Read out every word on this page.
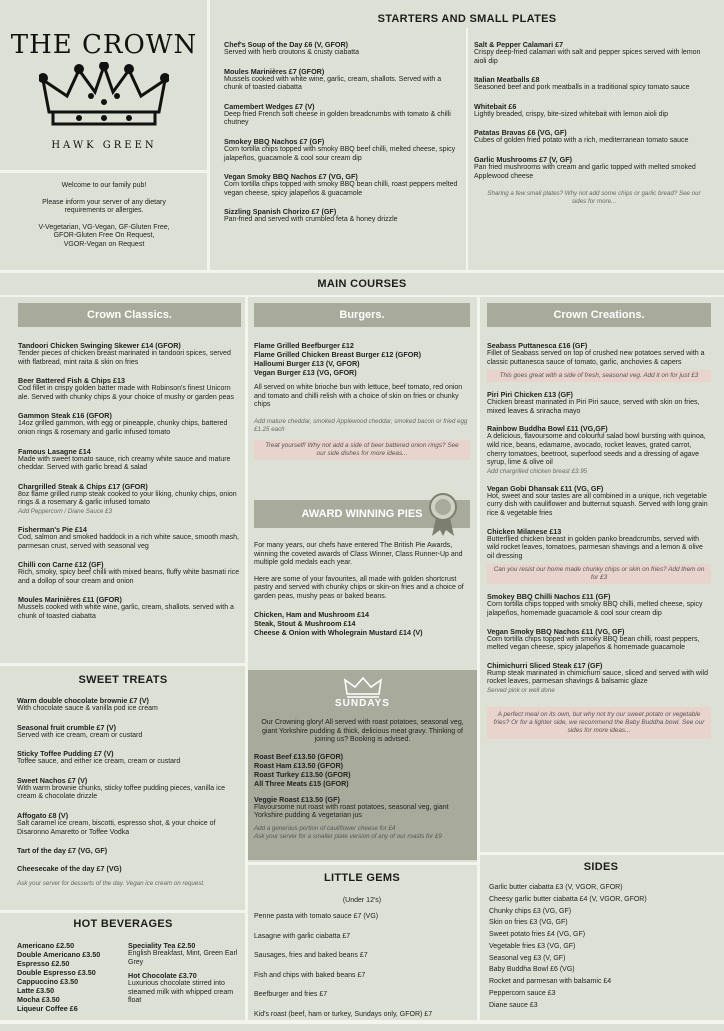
THE CROWN
HAWK GREEN
Welcome to our family pub!
Please inform your server of any dietary requirements or allergies.
V-Vegetarian, VG-Vegan, GF-Gluten Free,
GFOR-Gluten Free On Request,
VGOR-Vegan on Request
STARTERS AND SMALL PLATES
Chef's Soup of the Day £6 (V, GFOR)
Served with herb croutons & crusty ciabatta
Moules Marinières £7 (GFOR)
Mussels cooked with white wine, garlic, cream, shallots. Served with a chunk of toasted ciabatta
Camembert Wedges £7 (V)
Deep fried French soft cheese in golden breadcrumbs with tomato & chilli chutney
Smokey BBQ Nachos £7 (GF)
Corn tortilla chips topped with smoky BBQ beef chilli, melted cheese, spicy jalapeños, guacamole & cool sour cream dip
Vegan Smoky BBQ Nachos £7 (VG, GF)
Corn tortilla chips topped with smoky BBQ bean chilli, roast peppers melted vegan cheese, spicy jalapeños & guacamole
Sizzling Spanish Chorizo £7 (GF)
Pan-fried and served with crumbled feta & honey drizzle
Salt & Pepper Calamari £7
Crispy deep-fried calamari with salt and pepper spices served with lemon aioli dip
Italian Meatballs £8
Seasoned beef and pork meatballs in a traditional spicy tomato sauce
Whitebait £6
Lightly breaded, crispy, bite-sized whitebait with lemon aioli dip
Patatas Bravas £6 (VG, GF)
Cubes of golden fried potato with a rich, mediterranean tomato sauce
Garlic Mushrooms £7 (V, GF)
Pan fried mushrooms with cream and garlic topped with melted smoked Applewood cheese
Sharing a few small plates? Why not add some chips or garlic bread? See our sides for more...
MAIN COURSES
Crown Classics.
Tandoori Chicken Swinging Skewer £14 (GFOR)
Tender pieces of chicken breast marinated in tandoori spices, served with flatbread, mint raita & skin on fries
Beer Battered Fish & Chips £13
Cod fillet in crispy golden batter made with Robinson's finest Unicorn ale. Served with chunky chips & your choice of mushy or garden peas
Gammon Steak £16 (GFOR)
14oz grilled gammon, with egg or pineapple, chunky chips, battered onion rings & rosemary and garlic infused tomato
Famous Lasagne £14
Made with sweet tomato sauce, rich creamy white sauce and mature cheddar. Served with garlic bread & salad
Chargrilled Steak & Chips £17 (GFOR)
8oz flame grilled rump steak cooked to your liking, chunky chips, onion rings & a rosemary & garlic infused tomato
Add Peppercorn / Diane Sauce £3
Fisherman's Pie £14
Cod, salmon and smoked haddock in a rich white sauce, smooth mash, parmesan crust, served with seasonal veg
Chilli con Carne £12 (GF)
Rich, smoky, spicy beef chilli with mixed beans, fluffy white basmati rice and a dollop of sour cream and onion
Moules Marinières £11 (GFOR)
Mussels cooked with white wine, garlic, cream, shallots. served with a chunk of toasted ciabatta
Burgers.
Flame Grilled Beefburger £12
Flame Grilled Chicken Breast Burger £12 (GFOR)
Halloumi Burger £13 (V, GFOR)
Vegan Burger £13 (VG, GFOR)
All served on white brioche bun with lettuce, beef tomato, red onion and tomato and chilli relish with a choice of skin on fries or chunky chips
Add mature cheddar, smoked Applewood cheddar, smoked bacon or fried egg £1.25 each
Treat yourself! Why not add a side of beer battered onion rings? See our side dishes for more ideas...
AWARD WINNING PIES
For many years, our chefs have entered The British Pie Awards, winning the coveted awards of Class Winner, Class Runner-Up and multiple gold medals each year.
Here are some of your favourites, all made with golden shortcrust pastry and served with chunky chips or skin-on fries and a choice of garden peas, mushy peas or baked beans.
Chicken, Ham and Mushroom £14
Steak, Stout & Mushroom £14
Cheese & Onion with Wholegrain Mustard £14 (V)
SUNDAYS
Our Crowning glory! All served with roast potatoes, seasonal veg, giant Yorkshire pudding & thick, delicious meat gravy. Thinking of joining us? Booking is advised.
Roast Beef £13.50 (GFOR)
Roast Ham £13.50 (GFOR)
Roast Turkey £13.50 (GFOR)
All Three Meats £15 (GFOR)
Veggie Roast £13.50 (GF)
Flavoursome nut roast with roast potatoes, seasonal veg, giant Yorkshire pudding & vegetarian jus
Add a generous portion of cauliflower cheese for £4
Ask your server for a smaller plate version of any of our roasts for £9
Crown Creations.
Seabass Puttanesca £16 (GF)
Fillet of Seabass served on top of crushed new potatoes served with a classic puttanesca sauce of tomato, garlic, anchovies & capers
This goes great with a side of fresh, seasonal veg. Add it on for just £3
Piri Piri Chicken £13 (GF)
Chicken breast marinated in Piri Piri sauce, served with skin on fries, mixed leaves & sriracha mayo
Rainbow Buddha Bowl £11 (VG,GF)
A delicious, flavoursome and colourful salad bowl bursting with quinoa, wild rice, beans, edamame, avocado, rocket leaves, grated carrot, cherry tomatoes, beetroot, superfood seeds and a dressing of agave syrup, lime & olive oil
Add chargrilled chicken breast £3.95
Vegan Gobi Dhansak £11 (VG, GF)
Hot, sweet and sour tastes are all combined in a unique, rich vegetable curry dish with cauliflower and butternut squash. Served with long grain rice & vegetable fries
Chicken Milanese £13
Butterflied chicken breast in golden panko breadcrumbs, served with wild rocket leaves, tomatoes, parmesan shavings and a lemon & olive oil dressing
Can you resist our home made chunky chips or skin on fries? Add them on for £3
Smokey BBQ Chilli Nachos £11 (GF)
Corn tortilla chips topped with smoky BBQ chilli, melted cheese, spicy jalapeños, homemade guacamole & cool sour cream dip
Vegan Smoky BBQ Nachos £11 (VG, GF)
Corn tortilla chips topped with smoky BBQ bean chilli, roast peppers, melted vegan cheese, spicy jalapeños & homemade guacamole
Chimichurri Sliced Steak £17 (GF)
Rump steak marinated in chimichurri sauce, sliced and served with wild rocket leaves, parmesan shavings & balsamic glaze
Served pink or well done
A perfect meal on its own, but why not try our sweet potato or vegetable fries? Or for a lighter side, we recommend the Baby Buddha bowl. See our sides for more ideas...
SWEET TREATS
Warm double chocolate brownie £7 (V)
With chocolate sauce & vanilla pod ice cream
Seasonal fruit crumble £7 (V)
Served with ice cream, cream or custard
Sticky Toffee Pudding £7 (V)
Toffee sauce, and either ice cream, cream or custard
Sweet Nachos £7 (V)
With warm brownie chunks, sticky toffee pudding pieces, vanilla ice cream & chocolate drizzle
Affogato £8 (V)
Salt caramel ice cream, biscotti, espresso shot, & your choice of Disaronno Amaretto or Toffee Vodka
Tart of the day £7 (VG, GF)
Cheesecake of the day £7 (VG)
Ask your server for desserts of the day. Vegan ice cream on request.
HOT BEVERAGES
Americano £2.50
Double Americano £3.50
Espresso £2.50
Double Espresso £3.50
Cappuccino £3.50
Latte £3.50
Mocha £3.50
Liqueur Coffee £6
Speciality Tea £2.50
English Breakfast, Mint, Green Earl Grey
Hot Chocolate £3.70
Luxurious chocolate stirred into steamed milk with whipped cream float
LITTLE GEMS
(Under 12's)
Penne pasta with tomato sauce £7 (VG)
Lasagne with garlic ciabatta £7
Sausages, fries and baked beans £7
Fish and chips with baked beans £7
Beefburger and fries £7
Kid's roast (beef, ham or turkey, Sundays only, GFOR) £7
SIDES
Garlic butter ciabatta £3 (V, VGOR, GFOR)
Cheesy garlic butter ciabatta £4 (V, VGOR, GFOR)
Chunky chips £3 (VG, GF)
Skin on fries £3 (VG, GF)
Sweet potato fries £4 (VG, GF)
Vegetable fries £3 (VG, GF)
Seasonal veg £3 (V, GF)
Baby Buddha Bowl £6 (VG)
Rocket and parmesan with balsamic £4
Peppercorn sauce £3
Diane sauce £3
